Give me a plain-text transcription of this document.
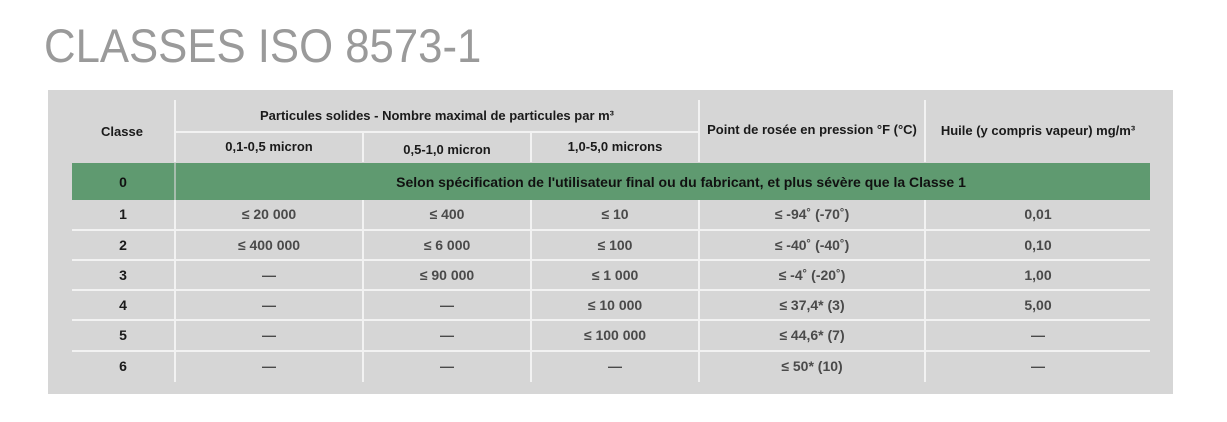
CLASSES ISO 8573-1
Classe
Particules solides - Nombre maximal de particules par m³
0,1-0,5 micron	0,5-1,0 micron	1,0-5,0 microns
Point de rosée en pression °F (°C)	Huile (y compris vapeur) mg/m³
0	Selon spécification de l'utilisateur final ou du fabricant, et plus sévère que la Classe 1
1	≤ 20 000	≤ 400	≤ 10	≤ -94˚ (-70˚)	0,01
2	≤ 400 000	≤ 6 000	≤ 100	≤ -40˚ (-40˚)	0,10
3	—	≤ 90 000	≤ 1 000	≤ -4˚ (-20˚)	1,00
4	—	—	≤ 10 000	≤ 37,4* (3)	5,00
5	—	—	≤ 100 000	≤ 44,6* (7)	—
6	—	—	—	≤ 50* (10)	—
